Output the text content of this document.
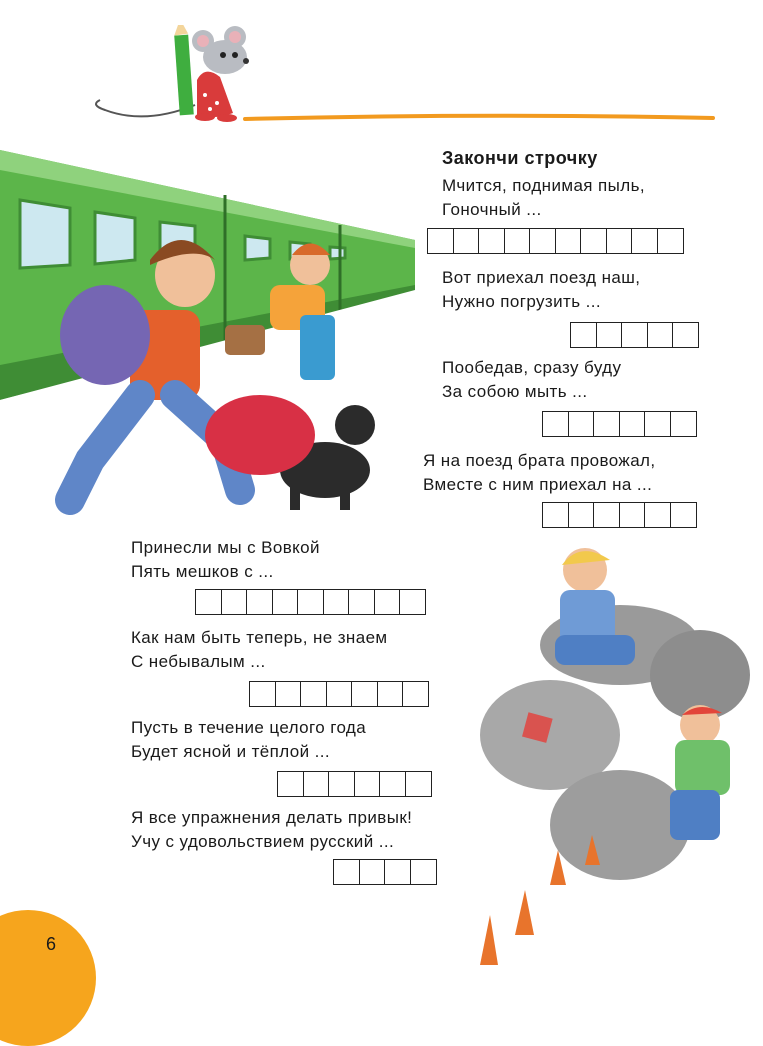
Закончи строчку
Мчится, поднимая пыль,
Гоночный ...
Вот приехал поезд наш,
Нужно погрузить ...
Пообедав, сразу буду
За собою мыть ...
Я на поезд брата провожал,
Вместе с ним приехал на ...
Принесли мы с Вовкой
Пять мешков с ...
Как нам быть теперь, не знаем
С небывалым ...
Пусть в течение целого года
Будет ясной и тёплой ...
Я все упражнения делать привык!
Учу с удовольствием русский ...
6
